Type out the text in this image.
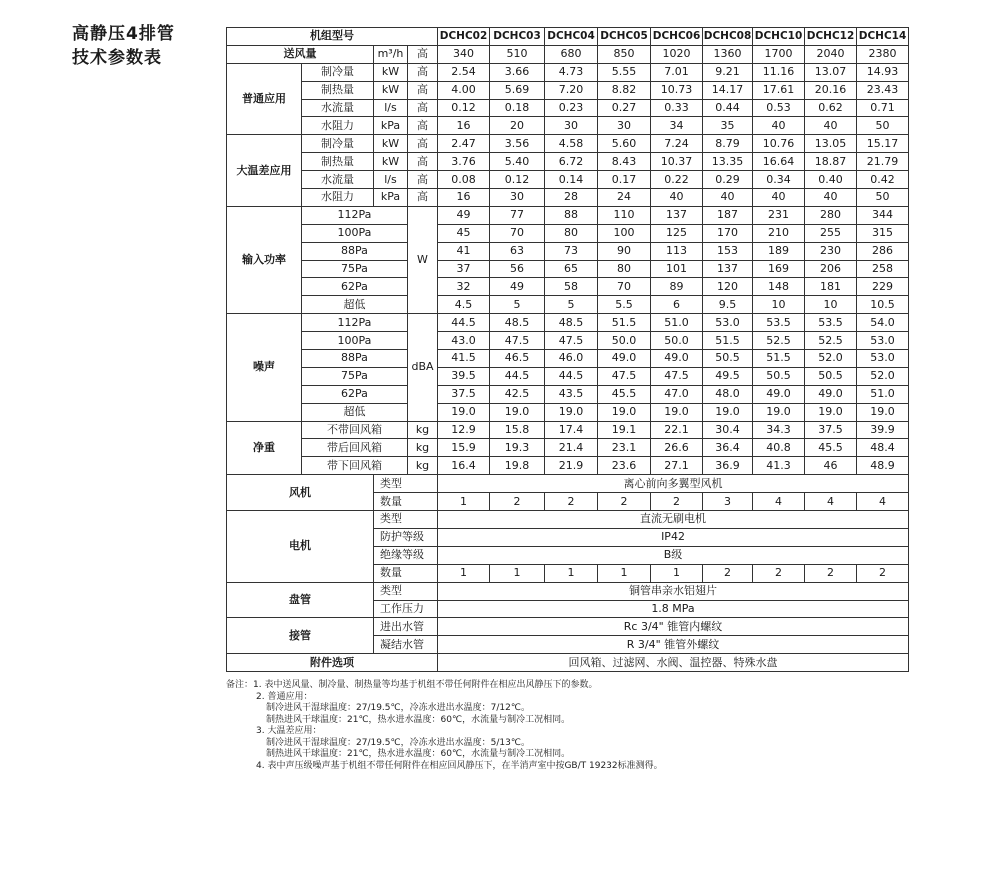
高静压4排管
技术参数表
机组型号				DCHC02	DCHC03	DCHC04	DCHC05	DCHC06	DCHC08	DCHC10	DCHC12	DCHC14
送风量		m³/h	高	340	510	680	850	1020	1360	1700	2040	2380
普通应用	制冷量	kW	高	2.54	3.66	4.73	5.55	7.01	9.21	11.16	13.07	14.93
	制热量	kW	高	4.00	5.69	7.20	8.82	10.73	14.17	17.61	20.16	23.43
	水流量	l/s	高	0.12	0.18	0.23	0.27	0.33	0.44	0.53	0.62	0.71
	水阻力	kPa	高	16	20	30	30	34	35	40	40	50
大温差应用	制冷量	kW	高	2.47	3.56	4.58	5.60	7.24	8.79	10.76	13.05	15.17
	制热量	kW	高	3.76	5.40	6.72	8.43	10.37	13.35	16.64	18.87	21.79
	水流量	l/s	高	0.08	0.12	0.14	0.17	0.22	0.29	0.34	0.40	0.42
	水阻力	kPa	高	16	30	28	24	40	40	40	40	50
输入功率	112Pa		W	49	77	88	110	137	187	231	280	344
	100Pa			45	70	80	100	125	170	210	255	315
	88Pa			41	63	73	90	113	153	189	230	286
	75Pa			37	56	65	80	101	137	169	206	258
	62Pa			32	49	58	70	89	120	148	181	229
	超低			4.5	5	5	5.5	6	9.5	10	10	10.5
噪声	112Pa		dBA	44.5	48.5	48.5	51.5	51.0	53.0	53.5	53.5	54.0
	100Pa			43.0	47.5	47.5	50.0	50.0	51.5	52.5	52.5	53.0
	88Pa			41.5	46.5	46.0	49.0	49.0	50.5	51.5	52.0	53.0
	75Pa			39.5	44.5	44.5	47.5	47.5	49.5	50.5	50.5	52.0
	62Pa			37.5	42.5	43.5	45.5	47.0	48.0	49.0	49.0	51.0
	超低			19.0	19.0	19.0	19.0	19.0	19.0	19.0	19.0	19.0
净重	不带回风箱		kg	12.9	15.8	17.4	19.1	22.1	30.4	34.3	37.5	39.9
	带后回风箱		kg	15.9	19.3	21.4	23.1	26.6	36.4	40.8	45.5	48.4
	带下回风箱		kg	16.4	19.8	21.9	23.6	27.1	36.9	41.3	46	48.9
风机		类型		离心前向多翼型风机								
		数量		1	2	2	2	2	3	4	4	4
电机		类型		直流无刷电机								
		防护等级		IP42								
		绝缘等级		B级								
		数量		1	1	1	1	1	2	2	2	2
盘管		类型		铜管串亲水铝翅片								
		工作压力		1.8 MPa								
接管		进出水管		Rc 3/4" 锥管内螺纹								
		凝结水管		R 3/4" 锥管外螺纹								
附件选项				回风箱、过滤网、水阀、温控器、特殊水盘								
备注：1. 表中送风量、制冷量、制热量等均基于机组不带任何附件在相应出风静压下的参数。
2. 普通应用：
制冷进风干湿球温度：27/19.5℃，冷冻水进出水温度：7/12℃。
制热进风干球温度：21℃，热水进水温度：60℃，水流量与制冷工况相同。
3. 大温差应用：
制冷进风干湿球温度：27/19.5℃，冷冻水进出水温度：5/13℃。
制热进风干球温度：21℃，热水进水温度：60℃，水流量与制冷工况相同。
4. 表中声压级噪声基于机组不带任何附件在相应回风静压下，在半消声室中按GB/T 19232标准测得。
